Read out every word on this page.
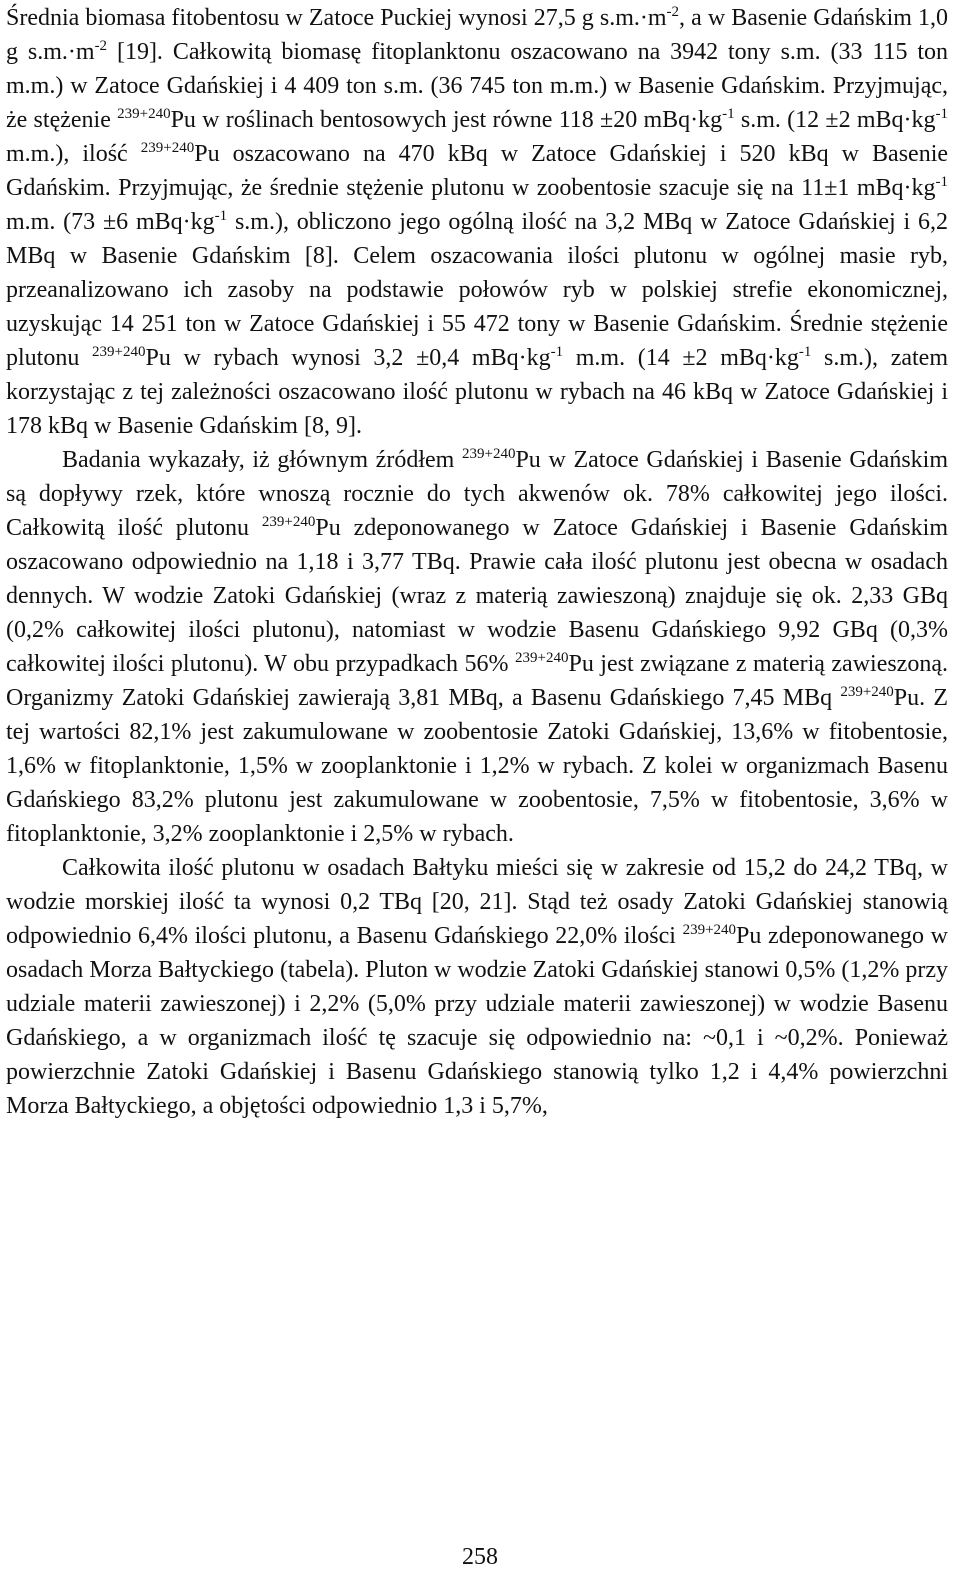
Średnia biomasa fitobentosu w Zatoce Puckiej wynosi 27,5 g $s.m.\cdot m^{-2}$, a w Basenie Gdańskim 1,0 g $s.m.\cdot m^{-2}$ [19]. Całkowitą biomasę fitoplanktonu oszacowano na 3942 tony s.m. (33 115 ton m.m.) w Zatoce Gdańskiej i 4 409 ton s.m. (36 745 ton m.m.) w Basenie Gdańskim. Przyjmując, że stężenie $^{239+240}$Pu w roślinach bentosowych jest równe 118 ±20 $mBq\cdot kg^{-1}$ s.m. (12 ±2 $mBq\cdot kg^{-1}$ m.m.), ilość $^{239+240}$Pu oszacowano na 470 kBq w Zatoce Gdańskiej i 520 kBq w Basenie Gdańskim. Przyjmując, że średnie stężenie plutonu w zoobentosie szacuje się na 11±1 $mBq\cdot kg^{-1}$ m.m. (73 ±6 $mBq\cdot kg^{-1}$ s.m.), obliczono jego ogólną ilość na 3,2 MBq w Zatoce Gdańskiej i 6,2 MBq w Basenie Gdańskim [8]. Celem oszacowania ilości plutonu w ogólnej masie ryb, przeanalizowano ich zasoby na podstawie połowów ryb w polskiej strefie ekonomicznej, uzyskując 14 251 ton w Zatoce Gdańskiej i 55 472 tony w Basenie Gdańskim. Średnie stężenie plutonu $^{239+240}$Pu w rybach wynosi 3,2 ±0,4 $mBq\cdot kg^{-1}$ m.m. (14 ±2 $mBq\cdot kg^{-1}$ s.m.), zatem korzystając z tej zależności oszacowano ilość plutonu w rybach na 46 kBq w Zatoce Gdańskiej i 178 kBq w Basenie Gdańskim [8, 9].

Badania wykazały, iż głównym źródłem $^{239+240}$Pu w Zatoce Gdańskiej i Basenie Gdańskim są dopływy rzek, które wnoszą rocznie do tych akwenów ok. 78% całkowitej jego ilości. Całkowitą ilość plutonu $^{239+240}$Pu zdeponowanego w Zatoce Gdańskiej i Basenie Gdańskim oszacowano odpowiednio na 1,18 i 3,77 TBq. Prawie cała ilość plutonu jest obecna w osadach dennych. W wodzie Zatoki Gdańskiej (wraz z materią zawieszoną) znajduje się ok. 2,33 GBq (0,2% całkowitej ilości plutonu), natomiast w wodzie Basenu Gdańskiego 9,92 GBq (0,3% całkowitej ilości plutonu). W obu przypadkach 56% $^{239+240}$Pu jest związane z materią zawieszoną. Organizmy Zatoki Gdańskiej zawierają 3,81 MBq, a Basenu Gdańskiego 7,45 MBq $^{239+240}$Pu. Z tej wartości 82,1% jest zakumulowane w zoobentosie Zatoki Gdańskiej, 13,6% w fitobentosie, 1,6% w fitoplanktonie, 1,5% w zooplanktonie i 1,2% w rybach. Z kolei w organizmach Basenu Gdańskiego 83,2% plutonu jest zakumulowane w zoobentosie, 7,5% w fitobentosie, 3,6% w fitoplanktonie, 3,2% zooplanktonie i 2,5% w rybach.

Całkowita ilość plutonu w osadach Bałtyku mieści się w zakresie od 15,2 do 24,2 TBq, w wodzie morskiej ilość ta wynosi 0,2 TBq [20, 21]. Stąd też osady Zatoki Gdańskiej stanowią odpowiednio 6,4% ilości plutonu, a Basenu Gdańskiego 22,0% ilości $^{239+240}$Pu zdeponowanego w osadach Morza Bałtyckiego (tabela). Pluton w wodzie Zatoki Gdańskiej stanowi 0,5% (1,2% przy udziale materii zawieszonej) i 2,2% (5,0% przy udziale materii zawieszonej) w wodzie Basenu Gdańskiego, a w organizmach ilość tę szacuje się odpowiednio na: ~0,1 i ~0,2%. Ponieważ powierzchnie Zatoki Gdańskiej i Basenu Gdańskiego stanowią tylko 1,2 i 4,4% powierzchni Morza Bałtyckiego, a objętości odpowiednio 1,3 i 5,7%,

258
